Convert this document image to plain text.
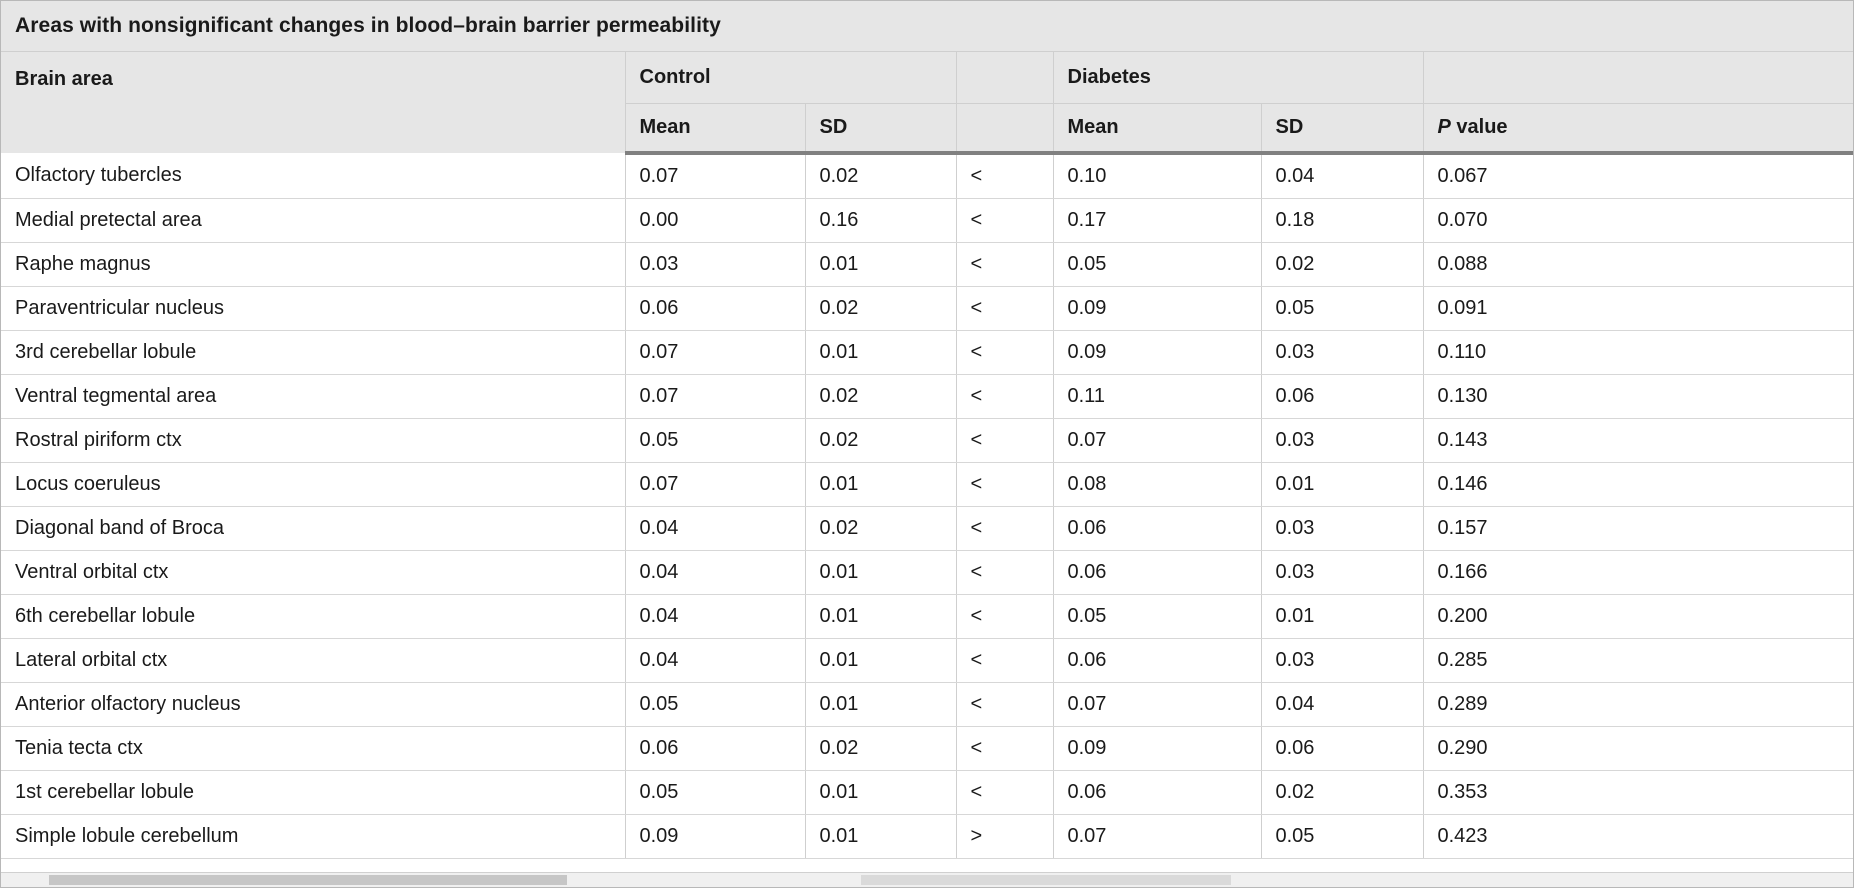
Areas with nonsignificant changes in blood–brain barrier permeability						
Brain area	Control			Diabetes		
	Mean	SD		Mean	SD	P value
Olfactory tubercles	0.07	0.02	<	0.10	0.04	0.067
Medial pretectal area	0.00	0.16	<	0.17	0.18	0.070
Raphe magnus	0.03	0.01	<	0.05	0.02	0.088
Paraventricular nucleus	0.06	0.02	<	0.09	0.05	0.091
3rd cerebellar lobule	0.07	0.01	<	0.09	0.03	0.110
Ventral tegmental area	0.07	0.02	<	0.11	0.06	0.130
Rostral piriform ctx	0.05	0.02	<	0.07	0.03	0.143
Locus coeruleus	0.07	0.01	<	0.08	0.01	0.146
Diagonal band of Broca	0.04	0.02	<	0.06	0.03	0.157
Ventral orbital ctx	0.04	0.01	<	0.06	0.03	0.166
6th cerebellar lobule	0.04	0.01	<	0.05	0.01	0.200
Lateral orbital ctx	0.04	0.01	<	0.06	0.03	0.285
Anterior olfactory nucleus	0.05	0.01	<	0.07	0.04	0.289
Tenia tecta ctx	0.06	0.02	<	0.09	0.06	0.290
1st cerebellar lobule	0.05	0.01	<	0.06	0.02	0.353
Simple lobule cerebellum	0.09	0.01	>	0.07	0.05	0.423
